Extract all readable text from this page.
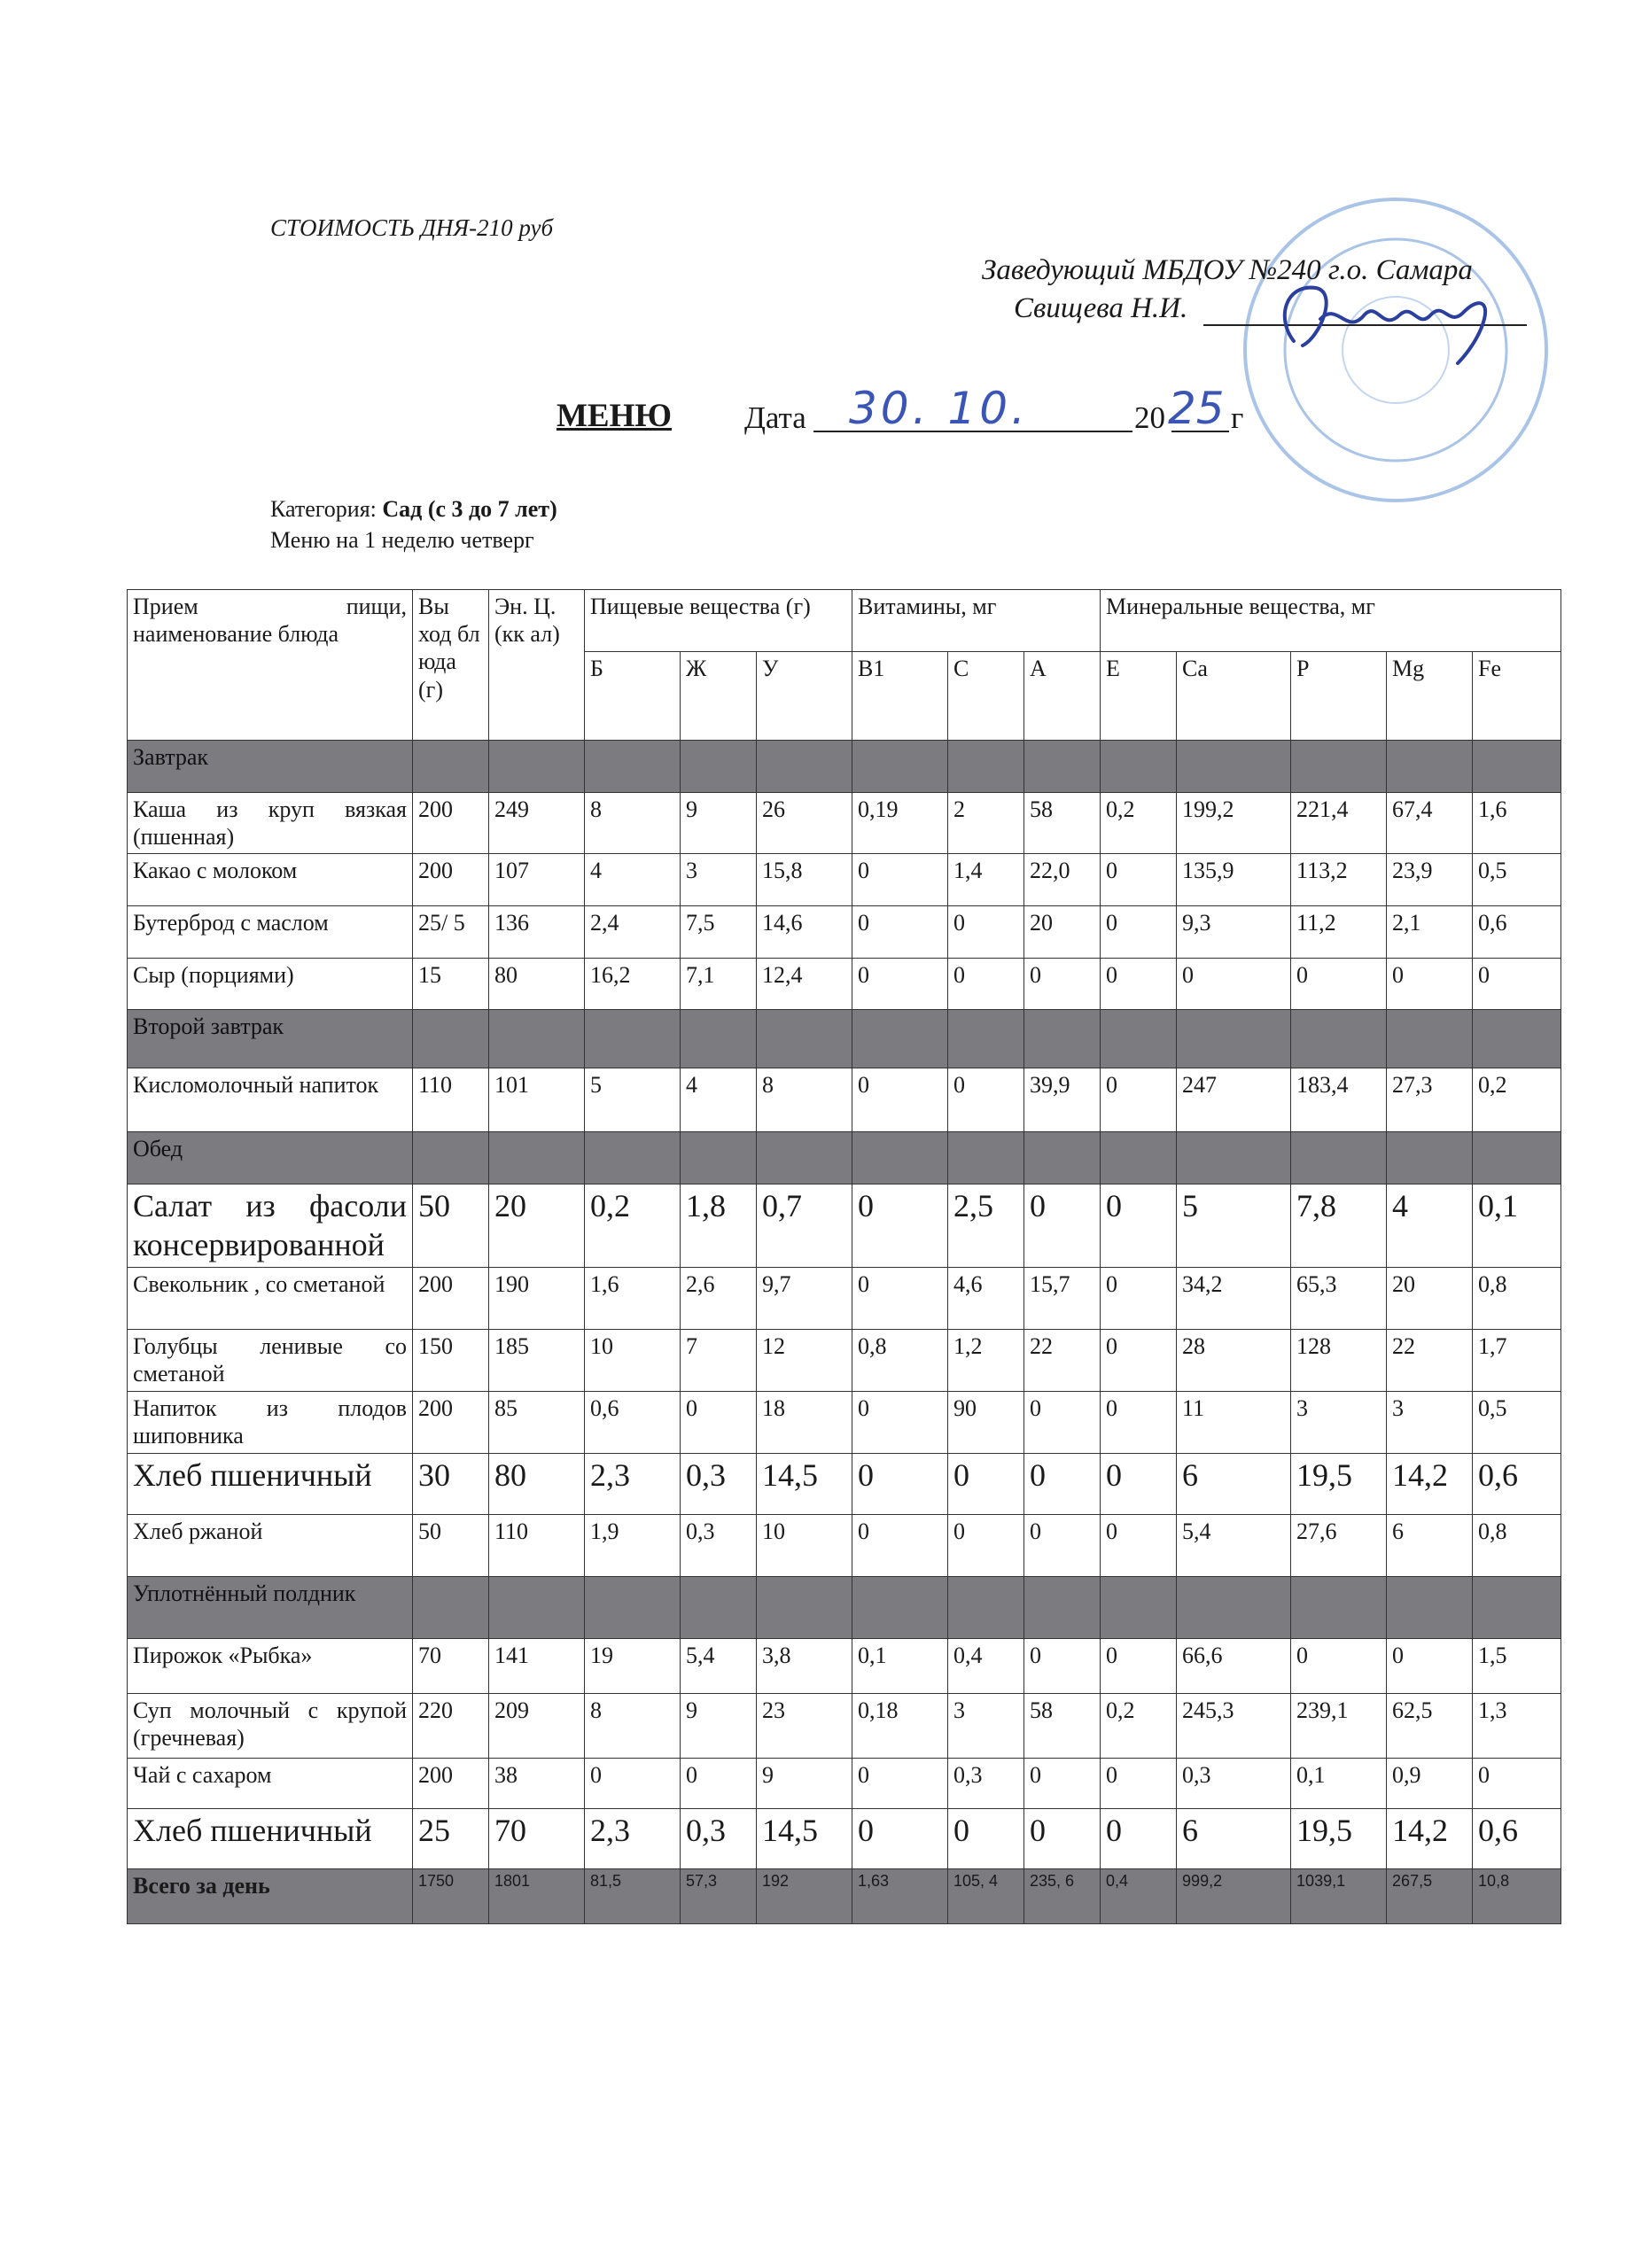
СТОИМОСТЬ ДНЯ-210 руб
Заведующий МБДОУ №240 г.о. Самара
Свищева Н.И.
МЕНЮ Дата 30. 10.	20 25 г
Категория: Сад (с 3 до 7 лет)
Меню на 1 неделю четверг
Прием пищи, наименование блюда	Вы ход бл юда (г)	Эн. Ц.(кк ал)	Пищевые вещества (г)			Витамины, мг			Минеральные вещества, мг				
			Б	Ж	У	B1	C	A	E	Ca	P	Mg	Fe
Завтрак													
Каша из круп вязкая (пшенная)	200	249	8	9	26	0,19	2	58	0,2	199,2	221,4	67,4	1,6
Какао с молоком	200	107	4	3	15,8	0	1,4	22,0	0	135,9	113,2	23,9	0,5
Бутерброд с маслом	25/ 5	136	2,4	7,5	14,6	0	0	20	0	9,3	11,2	2,1	0,6
Сыр (порциями)	15	80	16,2	7,1	12,4	0	0	0	0	0	0	0	0
Второй завтрак													
Кисломолочный напиток	110	101	5	4	8	0	0	39,9	0	247	183,4	27,3	0,2
Обед													
Салат из фасоли консервированной	50	20	0,2	1,8	0,7	0	2,5	0	0	5	7,8	4	0,1
Свекольник , со сметаной	200	190	1,6	2,6	9,7	0	4,6	15,7	0	34,2	65,3	20	0,8
Голубцы ленивые со сметаной	150	185	10	7	12	0,8	1,2	22	0	28	128	22	1,7
Напиток из плодов шиповника	200	85	0,6	0	18	0	90	0	0	11	3	3	0,5
Хлеб пшеничный	30	80	2,3	0,3	14,5	0	0	0	0	6	19,5	14,2	0,6
Хлеб ржаной	50	110	1,9	0,3	10	0	0	0	0	5,4	27,6	6	0,8
Уплотнённый полдник													
Пирожок «Рыбка»	70	141	19	5,4	3,8	0,1	0,4	0	0	66,6	0	0	1,5
Суп молочный с крупой (гречневая)	220	209	8	9	23	0,18	3	58	0,2	245,3	239,1	62,5	1,3
Чай с сахаром	200	38	0	0	9	0	0,3	0	0	0,3	0,1	0,9	0
Хлеб пшеничный	25	70	2,3	0,3	14,5	0	0	0	0	6	19,5	14,2	0,6
Всего за день	1750	1801	81,5	57,3	192	1,63	105, 4	235, 6	0,4	999,2	1039,1	267,5	10,8
